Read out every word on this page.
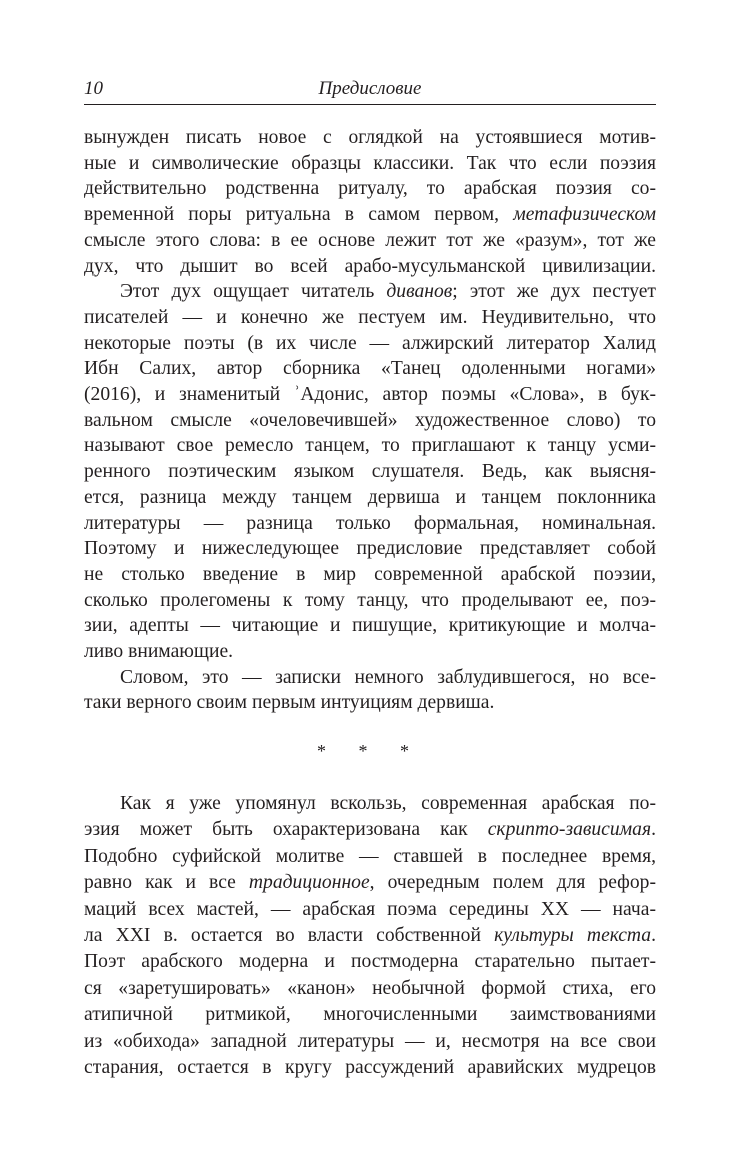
10	Предисловие

вынужден писать новое с оглядкой на устоявшиеся мотив-
ные и символические образцы классики. Так что если поэзия
действительно родственна ритуалу, то арабская поэзия со-
временной поры ритуальна в самом первом, метафизическом
смысле этого слова: в ее основе лежит тот же «разум», тот же
дух, что дышит во всей арабо-мусульманской цивилизации.

Этот дух ощущает читатель диванов; этот же дух пестует
писателей — и конечно же пестуем им. Неудивительно, что
некоторые поэты (в их числе — алжирский литератор Халид
Ибн Салих, автор сборника «Танец одоленными ногами»
(2016), и знаменитый ʾАдонис, автор поэмы «Слова», в бук-
вальном смысле «очеловечившей» художественное слово) то
называют свое ремесло танцем, то приглашают к танцу усми-
ренного поэтическим языком слушателя. Ведь, как выясня-
ется, разница между танцем дервиша и танцем поклонника
литературы — разница только формальная, номинальная.
Поэтому и нижеследующее предисловие представляет собой
не столько введение в мир современной арабской поэзии,
сколько пролегомены к тому танцу, что проделывают ее, поэ-
зии, адепты — читающие и пишущие, критикующие и молча-
ливо внимающие.

Словом, это — записки немного заблудившегося, но все-
таки верного своим первым интуициям дервиша.

* * *

Как я уже упомянул вскользь, современная арабская по-
эзия может быть охарактеризована как скрипто-зависимая.
Подобно суфийской молитве — ставшей в последнее время,
равно как и все традиционное, очередным полем для рефор-
маций всех мастей, — арабская поэма середины XX — нача-
ла XXI в. остается во власти собственной культуры текста.
Поэт арабского модерна и постмодерна старательно пытает-
ся «заретушировать» «канон» необычной формой стиха, его
атипичной ритмикой, многочисленными заимствованиями
из «обихода» западной литературы — и, несмотря на все свои
старания, остается в кругу рассуждений аравийских мудрецов
